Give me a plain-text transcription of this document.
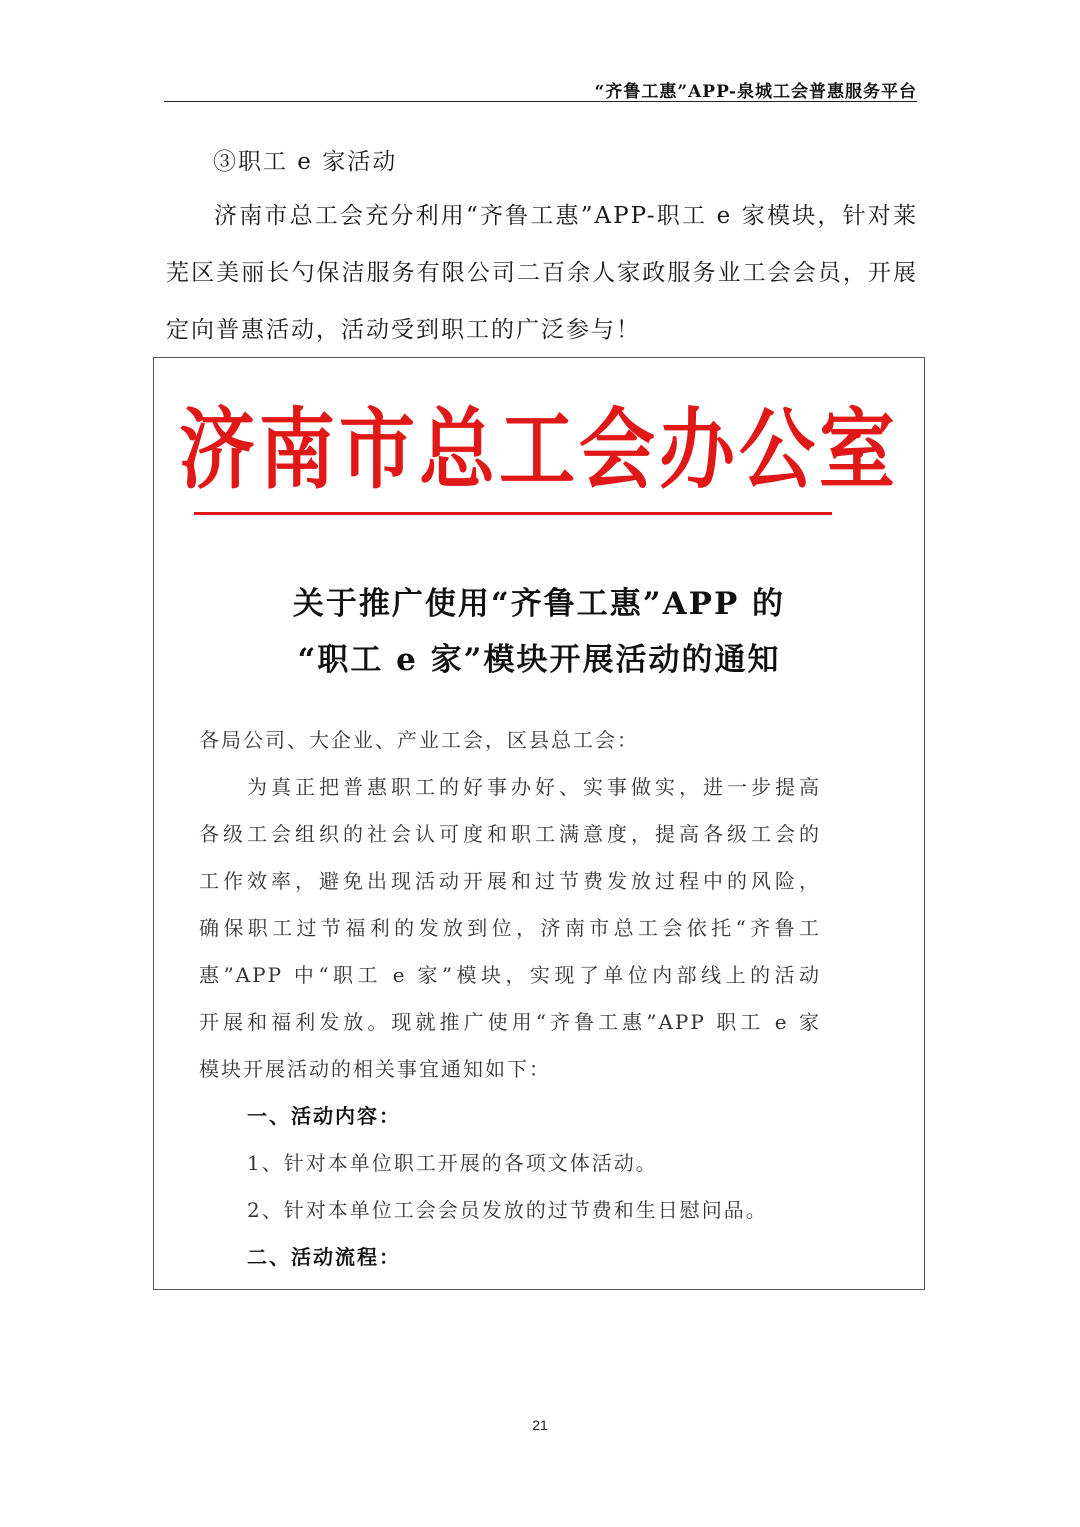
“齐鲁工惠”APP-泉城工会普惠服务平台
③职工 e 家活动
济南市总工会充分利用“齐鲁工惠”APP-职工 e 家模块，针对莱
芜区美丽长勺保洁服务有限公司二百余人家政服务业工会会员，开展
定向普惠活动，活动受到职工的广泛参与！
济南市总工会办公室
关于推广使用“齐鲁工惠”APP 的
“职工 e 家”模块开展活动的通知
各局公司、大企业、产业工会，区县总工会：
为真正把普惠职工的好事办好、实事做实，进一步提高
各级工会组织的社会认可度和职工满意度，提高各级工会的
工作效率，避免出现活动开展和过节费发放过程中的风险，
确保职工过节福利的发放到位，济南市总工会依托“齐鲁工
惠”APP 中“职工 e 家”模块，实现了单位内部线上的活动
开展和福利发放。现就推广使用“齐鲁工惠”APP 职工 e 家
模块开展活动的相关事宜通知如下：
一、活动内容：
1、针对本单位职工开展的各项文体活动。
2、针对本单位工会会员发放的过节费和生日慰问品。
二、活动流程：
21
